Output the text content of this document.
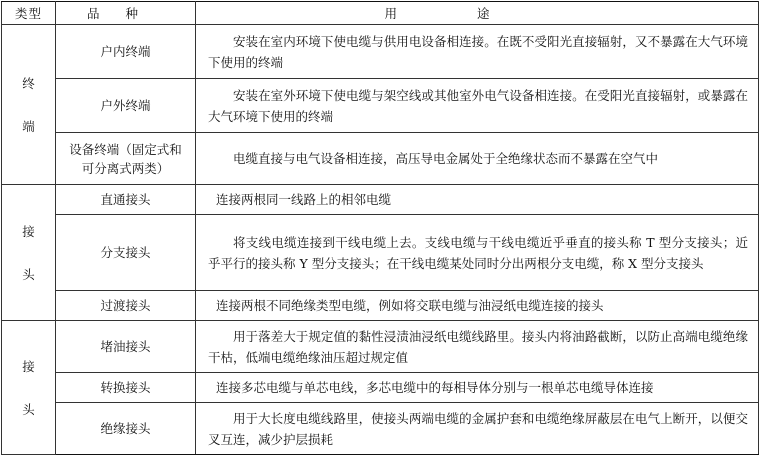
类型	品种	用途

终
端	户内终端	安装在室内环境下使电缆与供用电设备相连接。在既不受阳光直接辐射，又不暴露在大气环境下使用的终端
	户外终端	安装在室外环境下使电缆与架空线或其他室外电气设备相连接。在受阳光直接辐射，或暴露在大气环境下使用的终端
	设备终端（固定式和可分离式两类）	电缆直接与电气设备相连接，高压导电金属处于全绝缘状态而不暴露在空气中

接
头	直通接头	连接两根同一线路上的相邻电缆
	分支接头	将支线电缆连接到干线电缆上去。支线电缆与干线电缆近乎垂直的接头称 T 型分支接头；近乎平行的接头称 Y 型分支接头；在干线电缆某处同时分出两根分支电缆，称 X 型分支接头
	过渡接头	连接两根不同绝缘类型电缆，例如将交联电缆与油浸纸电缆连接的接头

接
头	堵油接头	用于落差大于规定值的黏性浸渍油浸纸电缆线路里。接头内将油路截断，以防止高端电缆绝缘干枯，低端电缆绝缘油压超过规定值
	转换接头	连接多芯电缆与单芯电线，多芯电缆中的每相导体分别与一根单芯电缆导体连接
	绝缘接头	用于大长度电缆线路里，使接头两端电缆的金属护套和电缆绝缘屏蔽层在电气上断开，以便交叉互连，减少护层损耗
